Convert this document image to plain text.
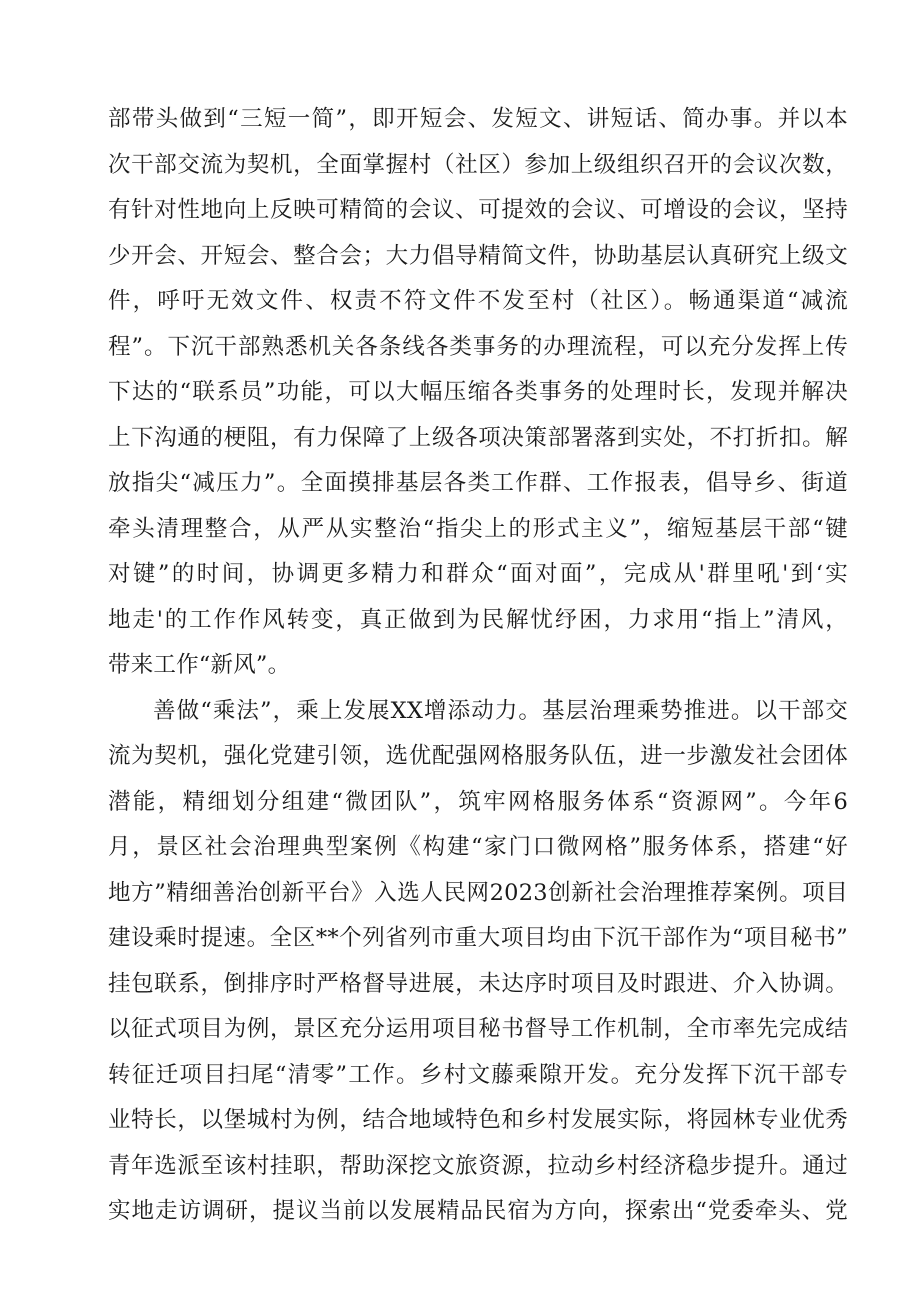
部带头做到“三短一简”，即开短会、发短文、讲短话、简办事。并以本
次干部交流为契机，全面掌握村（社区）参加上级组织召开的会议次数，
有针对性地向上反映可精简的会议、可提效的会议、可增设的会议，坚持
少开会、开短会、整合会；大力倡导精简文件，协助基层认真研究上级文
件，呼吁无效文件、权责不符文件不发至村（社区）。畅通渠道“减流
程”。下沉干部熟悉机关各条线各类事务的办理流程，可以充分发挥上传
下达的“联系员”功能，可以大幅压缩各类事务的处理时长，发现并解决
上下沟通的梗阻，有力保障了上级各项决策部署落到实处，不打折扣。解
放指尖“减压力”。全面摸排基层各类工作群、工作报表，倡导乡、街道
牵头清理整合，从严从实整治“指尖上的形式主义”，缩短基层干部“键
对键”的时间，协调更多精力和群众“面对面”，完成从'群里吼'到‘实
地走'的工作作风转变，真正做到为民解忧纾困，力求用“指上”清风，
带来工作“新风”。
善做“乘法”，乘上发展XX增添动力。基层治理乘势推进。以干部交
流为契机，强化党建引领，选优配强网格服务队伍，进一步激发社会团体
潜能，精细划分组建“微团队”，筑牢网格服务体系“资源网”。今年6
月，景区社会治理典型案例《构建“家门口微网格”服务体系，搭建“好
地方”精细善治创新平台》入选人民网2023创新社会治理推荐案例。项目
建设乘时提速。全区**个列省列市重大项目均由下沉干部作为“项目秘书”
挂包联系，倒排序时严格督导进展，未达序时项目及时跟进、介入协调。
以征式项目为例，景区充分运用项目秘书督导工作机制，全市率先完成结
转征迁项目扫尾“清零”工作。乡村文藤乘隙开发。充分发挥下沉干部专
业特长，以堡城村为例，结合地域特色和乡村发展实际，将园林专业优秀
青年选派至该村挂职，帮助深挖文旅资源，拉动乡村经济稳步提升。通过
实地走访调研，提议当前以发展精品民宿为方向，探索出“党委牵头、党
